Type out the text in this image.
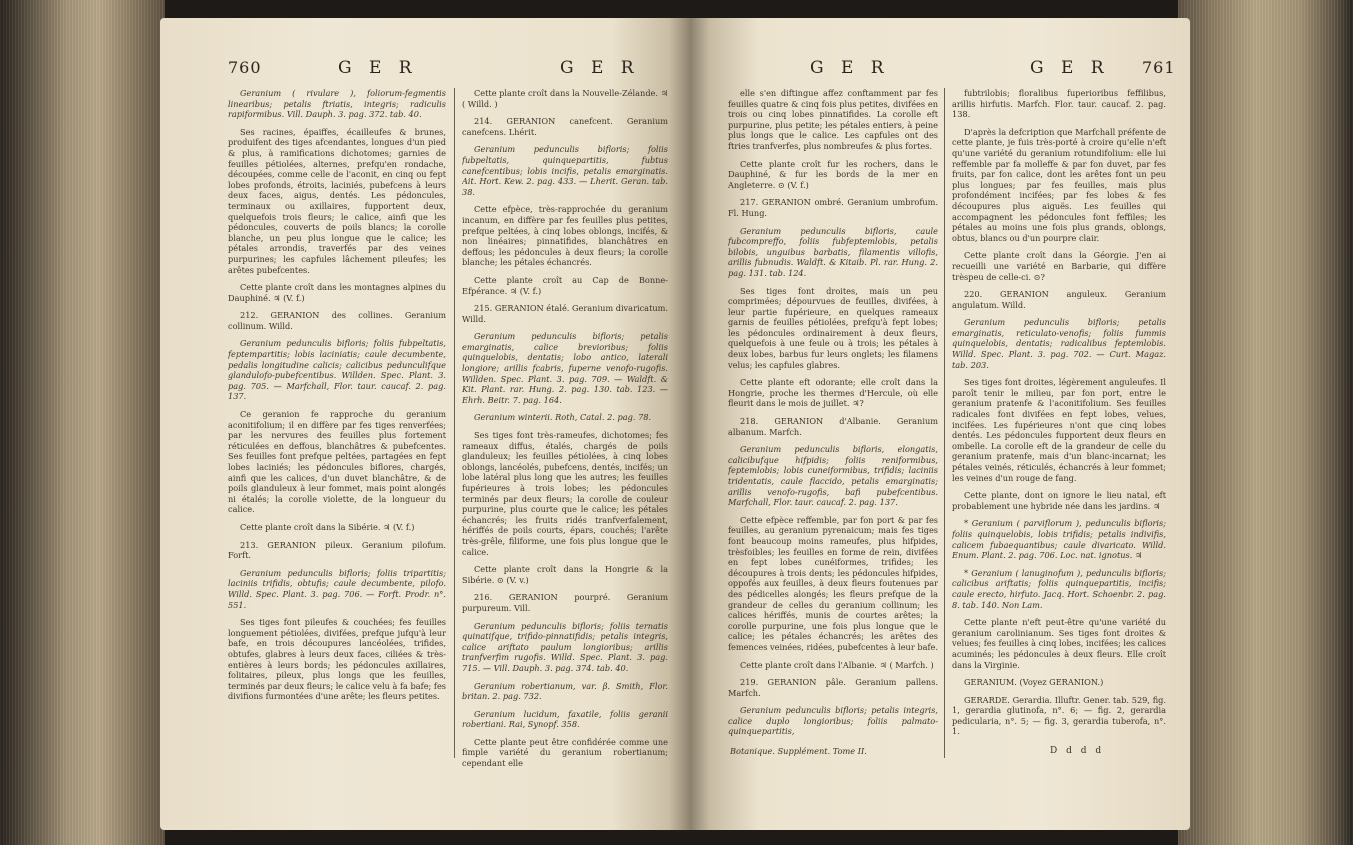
760	G E R	G E R

Geranium ( rivulare ), foliorum-fegmentis linearibus; petalis ftriatis, integris; radiculis rapiformibus. Vill. Dauph. 3. pag. 372. tab. 40.

Ses racines, épaiffes, écailleufes & brunes, produifent des tiges afcendantes, longues d'un pied & plus, à ramifications dichotomes; garnies de feuilles pétiolées, alternes, prefqu'en rondache, découpées, comme celle de l'aconit, en cinq ou fept lobes profonds, étroits, laciniés, pubefcens à leurs deux faces, aigus, dentés. Les pédoncules, terminaux ou axillaires, fupportent deux, quelquefois trois fleurs; le calice, ainfi que les pédoncules, couverts de poils blancs; la corolle blanche, un peu plus longue que le calice; les pétales arrondis, traverfés par des veines purpurines; les capfules lâchement pileufes; les arêtes pubefcentes.

Cette plante croît dans les montagnes alpines du Dauphiné. ♃ (V. f.)

212. GERANION des collines. Geranium collinum. Willd.

Geranium pedunculis bifloris; foliis fubpeltatis, feptempartitis; lobis laciniatis; caule decumbente, pedalis longitudine calicis; calicibus pedunculifque glandulofo-pubefcentibus. Willden. Spec. Plant. 3. pag. 705. — Marfchall, Flor. taur. caucaf. 2. pag. 137.

Ce geranion fe rapproche du geranium aconitifolium; il en diffère par fes tiges renverfées; par les nervures des feuilles plus fortement réticulées en deffous, blanchâtres & pubefcentes. Ses feuilles font prefque peltées, partagées en fept lobes laciniés; les pédoncules biflores, chargés, ainfi que les calices, d'un duvet blanchâtre, & de poils glanduleux à leur fommet, mais point alongés ni étalés; la corolle violette, de la longueur du calice.

Cette plante croît dans la Sibérie. ♃ (V. f.)

213. GERANION pileux. Geranium pilofum. Forft.

Geranium pedunculis bifloris; foliis tripartitis; laciniis trifidis, obtufis; caule decumbente, pilofo. Willd. Spec. Plant. 3. pag. 706. — Forft. Prodr. n°. 551.

Ses tiges font pileufes & couchées; fes feuilles longuement pétiolées, divifées, prefque jufqu'à leur bafe, en trois découpures lancéolées, trifides, obtufes, glabres à leurs deux faces, ciliées & très-entières à leurs bords; les pédoncules axillaires, folitaires, pileux, plus longs que les feuilles, terminés par deux fleurs; le calice velu à fa bafe; fes divifions furmontées d'une arête; les fleurs petites.

Cette plante croît dans la Nouvelle-Zélande. ♃ ( Willd. )

214. GERANION canefcent. Geranium canefcens. Lhérit.

Geranium pedunculis bifloris; foliis fubpeltatis, quinquepartitis, fubtus canefcentibus; lobis incifis, petalis emarginatis. Ait. Hort. Kew. 2. pag. 433. — Lherit. Geran. tab. 38.

Cette efpèce, très-rapprochée du geranium incanum, en diffère par fes feuilles plus petites, prefque peltées, à cinq lobes oblongs, incifés, & non linéaires; pinnatifides, blanchâtres en deffous; les pédoncules à deux fleurs; la corolle blanche; les pétales échancrés.

Cette plante croît au Cap de Bonne-Efpérance. ♃ (V. f.)

215. GERANION étalé. Geranium divaricatum. Willd.

Geranium pedunculis bifloris; petalis emarginatis, calice brevioribus; foliis quinquelobis, dentatis; lobo antico, laterali longiore; arillis fcabris, fuperne venofo-rugofis. Willden. Spec. Plant. 3. pag. 709. — Waldft. & Kit. Plant. rar. Hung. 2. pag. 130. tab. 123. — Ehrh. Beitr. 7. pag. 164.

Geranium winterii. Roth, Catal. 2. pag. 78.

Ses tiges font très-rameufes, dichotomes; fes rameaux diffus, étalés, chargés de poils glanduleux; les feuilles pétiolées, à cinq lobes oblongs, lancéolés, pubefcens, dentés, incifés; un lobe latéral plus long que les autres; les feuilles fupérieures à trois lobes; les pédoncules terminés par deux fleurs; la corolle de couleur purpurine, plus courte que le calice; les pétales échancrés; les fruits ridés tranfverfalement, hériffés de poils courts, épars, couchés; l'arête très-grêle, filiforme, une fois plus longue que le calice.

Cette plante croît dans la Hongrie & la Sibérie. ⊙ (V. v.)

216. GERANION pourpré. Geranium purpureum. Vill.

Geranium pedunculis bifloris; foliis ternatis quinatifque, trifido-pinnatifidis; petalis integris, calice ariftato paulum longioribus; arillis tranfverfim rugofis. Willd. Spec. Plant. 3. pag. 715. — Vill. Dauph. 3. pag. 374. tab. 40.

Geranium robertianum, var. β. Smith, Flor. britan. 2. pag. 732.

Geranium lucidum, faxatile, foliis geranii robertiani. Rai, Synopf. 358.

Cette plante peut être confidérée comme une fimple variété du geranium robertianum; cependant elle

G E R	G E R 761

elle s'en diftingue affez conftamment par fes feuilles quatre & cinq fois plus petites, divifées en trois ou cinq lobes pinnatifides. La corolle eft purpurine, plus petite; les pétales entiers, à peine plus longs que le calice. Les capfules ont des ftries tranfverfes, plus nombreufes & plus fortes.

Cette plante croît fur les rochers, dans le Dauphiné, & fur les bords de la mer en Angleterre. ⊙ (V. f.)

217. GERANION ombré. Geranium umbrofum. Fl. Hung.

Geranium pedunculis bifloris, caule fubcompreffo, foliis fubfeptemlobis, petalis bilobis, unguibus barbatis, filamentis villofis, arillis fubnudis. Waldft. & Kitaib. Pl. rar. Hung. 2. pag. 131. tab. 124.

Ses tiges font droites, mais un peu comprimées; dépourvues de feuilles, divifées, à leur partie fupérieure, en quelques rameaux garnis de feuilles pétiolées, prefqu'à fept lobes; les pédoncules ordinairement à deux fleurs, quelquefois à une feule ou à trois; les pétales à deux lobes, barbus fur leurs onglets; les filamens velus; les capfules glabres.

Cette plante eft odorante; elle croît dans la Hongrie, proche les thermes d'Hercule, où elle fleurit dans le mois de juillet. ♃?

218. GERANION d'Albanie. Geranium albanum. Marfch.

Geranium pedunculis bifloris, elongatis, calicibufque hifpidis; foliis reniformibus, feptemlobis; lobis cuneiformibus, trifidis; laciniis tridentatis, caule flaccido, petalis emarginatis; arillis venofo-rugofis, bafi pubefcentibus. Marfchall, Flor. taur. caucaf. 2. pag. 137.

Cette efpèce reffemble, par fon port & par fes feuilles, au geranium pyrenaicum; mais fes tiges font beaucoup moins rameufes, plus hifpides, trèsfoibles; les feuilles en forme de rein, divifées en fept lobes cunéiformes, trifides; les découpures à trois dents; les pédoncules hifpides, oppofés aux feuilles, à deux fleurs foutenues par des pédicelles alongés; les fleurs prefque de la grandeur de celles du geranium collinum; les calices hériffés, munis de courtes arêtes; la corolle purpurine, une fois plus longue que le calice; les pétales échancrés; les arêtes des femences veinées, ridées, pubefcentes à leur bafe.

Cette plante croît dans l'Albanie. ♃ ( Marfch. )

219. GERANION pâle. Geranium pallens. Marfch.

Geranium pedunculis bifloris; petalis integris, calice duplo longioribus; foliis palmato-quinquepartitis,

Botanique. Supplément. Tome II.

fubtrilobis; floralibus fuperioribus feffilibus, arillis hirfutis. Marfch. Flor. taur. caucaf. 2. pag. 138.

D'après la defcription que Marfchall préfente de cette plante, je fuis très-porté à croire qu'elle n'eft qu'une variété du geranium rotundifolium: elle lui reffemble par fa molleffe & par fon duvet, par fes fruits, par fon calice, dont les arêtes font un peu plus longues; par fes feuilles, mais plus profondément incifées; par fes lobes & fes découpures plus aiguës. Les feuilles qui accompagnent les pédoncules font feffiles; les pétales au moins une fois plus grands, oblongs, obtus, blancs ou d'un pourpre clair.

Cette plante croît dans la Géorgie. J'en ai recueilli une variété en Barbarie, qui diffère trèspeu de celle-ci. ⊙?

220. GERANION anguleux. Geranium angulatum. Willd.

Geranium pedunculis bifloris; petalis emarginatis, reticulato-venofis; foliis fummis quinquelobis, dentatis; radicalibus feptemlobis. Willd. Spec. Plant. 3. pag. 702. — Curt. Magaz. tab. 203.

Ses tiges font droites, légèrement anguleufes. Il paroît tenir le milieu, par fon port, entre le geranium pratenfe & l'aconitifolium. Ses feuilles radicales font divifées en fept lobes, velues, incifées. Les fupérieures n'ont que cinq lobes dentés. Les pédoncules fupportent deux fleurs en ombelle. La corolle eft de la grandeur de celle du geranium pratenfe, mais d'un blanc-incarnat; les pétales veinés, réticulés, échancrés à leur fommet; les veines d'un rouge de fang.

Cette plante, dont on ignore le lieu natal, eft probablement une hybride née dans les jardins. ♃

* Geranium ( parviflorum ), pedunculis bifloris; foliis quinquelobis, lobis trifidis; petalis indivifis, calicem fubaequantibus; caule divaricato. Willd. Enum. Plant. 2. pag. 706. Loc. nat. ignotus. ♃

* Geranium ( lanuginofum ), pedunculis bifloris; calicibus ariftatis; foliis quinquepartitis, incifis; caule erecto, hirfuto. Jacq. Hort. Schoenbr. 2. pag. 8. tab. 140. Non Lam.

Cette plante n'eft peut-être qu'une variété du geranium carolinianum. Ses tiges font droites & velues; fes feuilles à cinq lobes, incifées; les calices acuminés; les pédoncules à deux fleurs. Elle croît dans la Virginie.

GERANIUM. (Voyez GERANION.)

GERARDE. Gerardia. Illuftr. Gener. tab. 529, fig. 1, gerardia glutinofa, n°. 6; — fig. 2, gerardia pedicularia, n°. 5; — fig. 3, gerardia tuberofa, n°. 1.

D d d d
